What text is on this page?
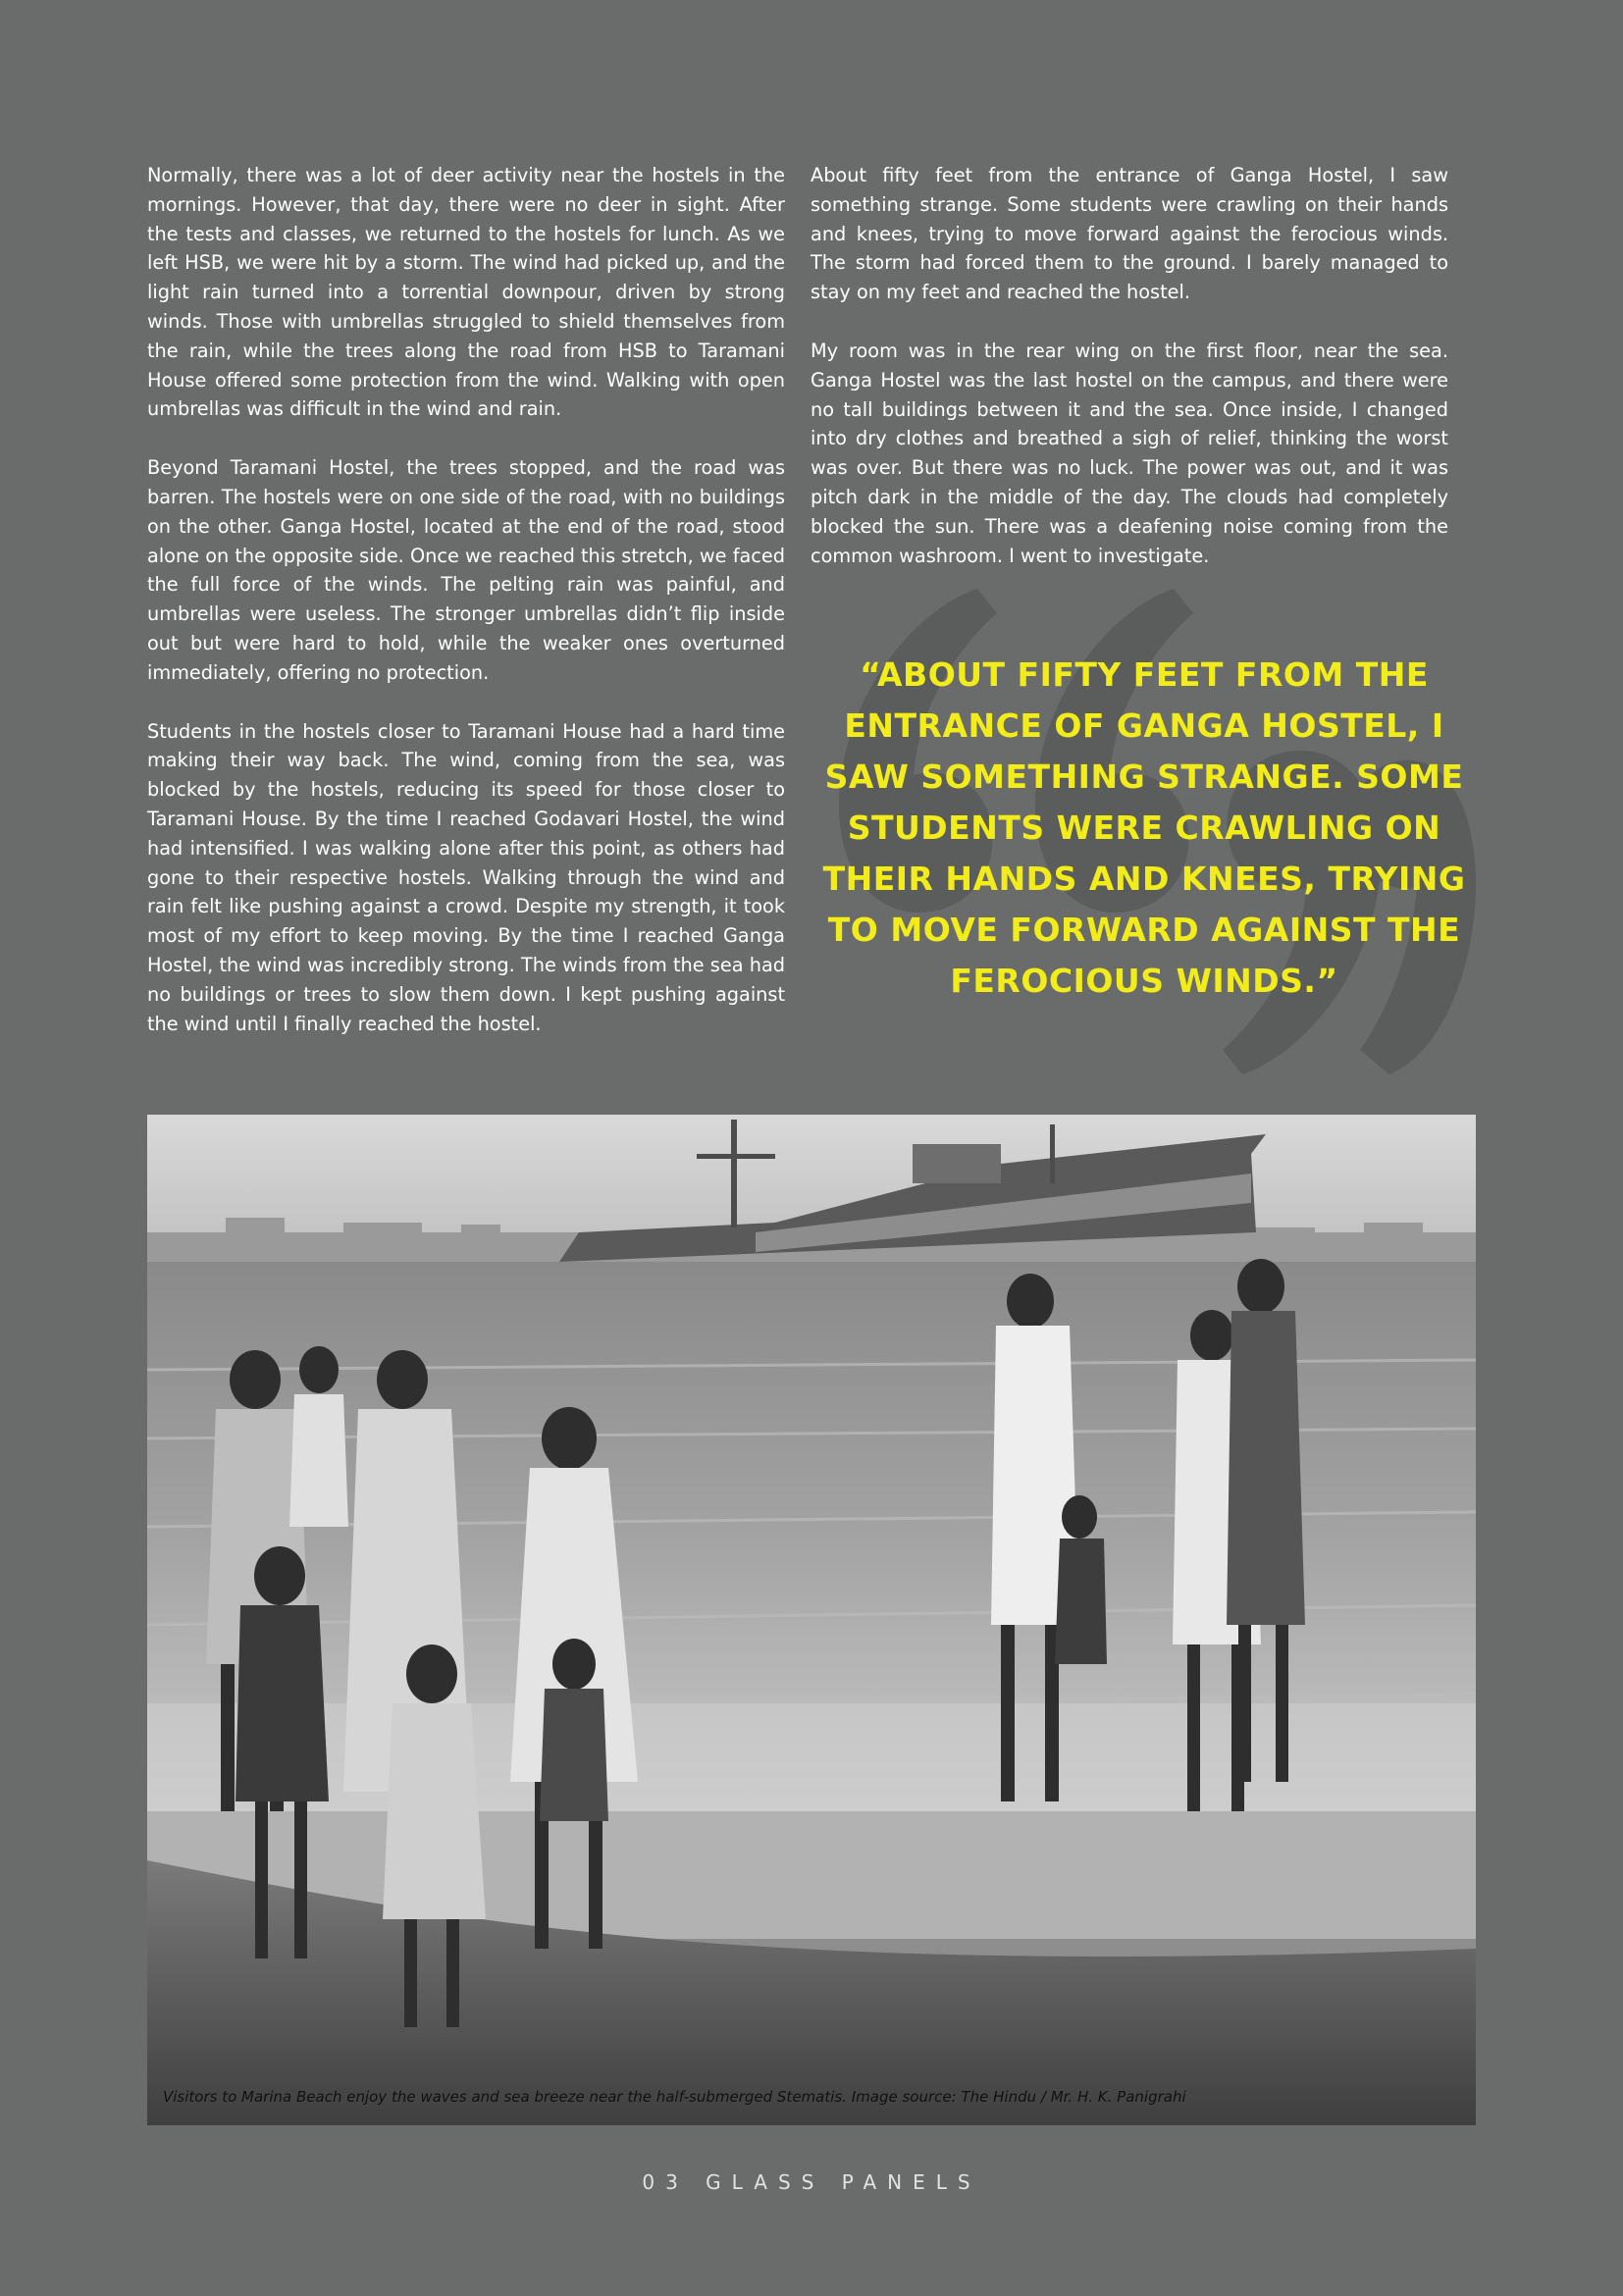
Normally, there was a lot of deer activity near the hostels in the mornings. However, that day, there were no deer in sight. After the tests and classes, we returned to the hostels for lunch. As we left HSB, we were hit by a storm. The wind had picked up, and the light rain turned into a torrential downpour, driven by strong winds. Those with umbrellas struggled to shield themselves from the rain, while the trees along the road from HSB to Taramani House offered some protection from the wind. Walking with open umbrellas was difficult in the wind and rain.

Beyond Taramani Hostel, the trees stopped, and the road was barren. The hostels were on one side of the road, with no buildings on the other. Ganga Hostel, located at the end of the road, stood alone on the opposite side. Once we reached this stretch, we faced the full force of the winds. The pelting rain was painful, and umbrellas were useless. The stronger umbrellas didn’t flip inside out but were hard to hold, while the weaker ones overturned immediately, offering no protection.

Students in the hostels closer to Taramani House had a hard time making their way back. The wind, coming from the sea, was blocked by the hostels, reducing its speed for those closer to Taramani House. By the time I reached Godavari Hostel, the wind had intensified. I was walking alone after this point, as others had gone to their respective hostels. Walking through the wind and rain felt like pushing against a crowd. Despite my strength, it took most of my effort to keep moving. By the time I reached Ganga Hostel, the wind was incredibly strong. The winds from the sea had no buildings or trees to slow them down. I kept pushing against the wind until I finally reached the hostel.

About fifty feet from the entrance of Ganga Hostel, I saw something strange. Some students were crawling on their hands and knees, trying to move forward against the ferocious winds. The storm had forced them to the ground. I barely managed to stay on my feet and reached the hostel.

My room was in the rear wing on the first floor, near the sea. Ganga Hostel was the last hostel on the campus, and there were no tall buildings between it and the sea. Once inside, I changed into dry clothes and breathed a sigh of relief, thinking the worst was over. But there was no luck. The power was out, and it was pitch dark in the middle of the day. The clouds had completely blocked the sun. There was a deafening noise coming from the common washroom. I went to investigate.

“ABOUT FIFTY FEET FROM THE ENTRANCE OF GANGA HOSTEL, I SAW SOMETHING STRANGE. SOME STUDENTS WERE CRAWLING ON THEIR HANDS AND KNEES, TRYING TO MOVE FORWARD AGAINST THE FEROCIOUS WINDS.”

Visitors to Marina Beach enjoy the waves and sea breeze near the half-submerged Stematis. Image source: The Hindu / Mr. H. K. Panigrahi

03 GLASS PANELS
